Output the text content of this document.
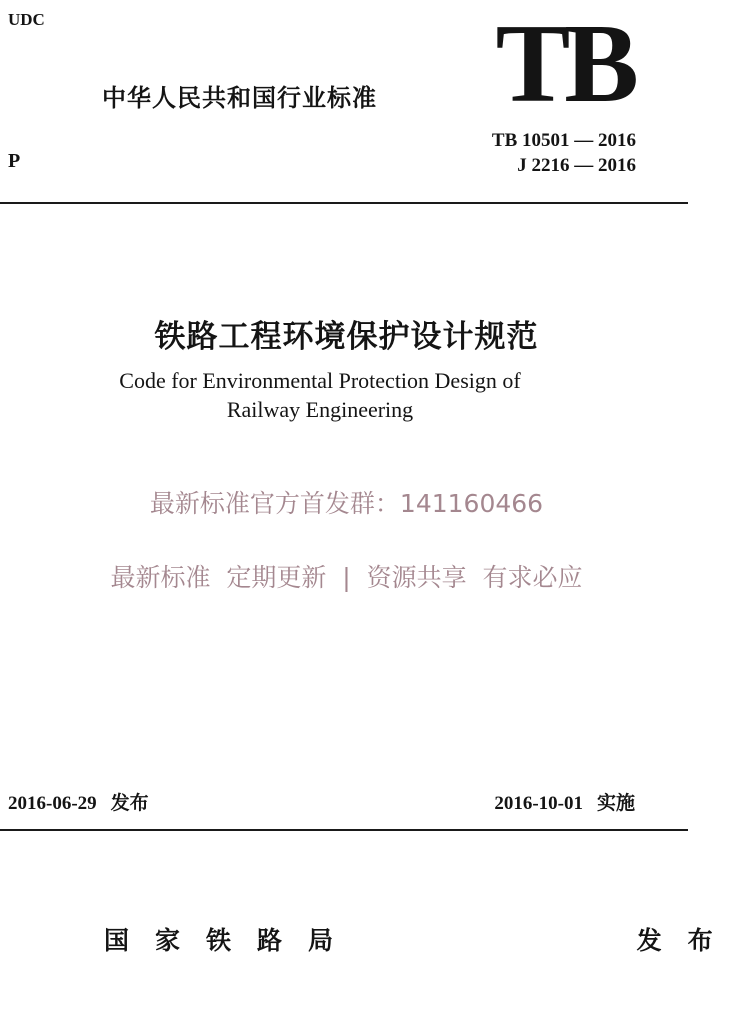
UDC
中华人民共和国行业标准 TB
P
TB 10501 — 2016
J 2216 — 2016
铁路工程环境保护设计规范
Code for Environmental Protection Design of
Railway Engineering
最新标准官方首发群：141160466
最新标准  定期更新  |  资源共享  有求必应
2016-06-29 发布	2016-10-01 实施
国家铁路局	发布
